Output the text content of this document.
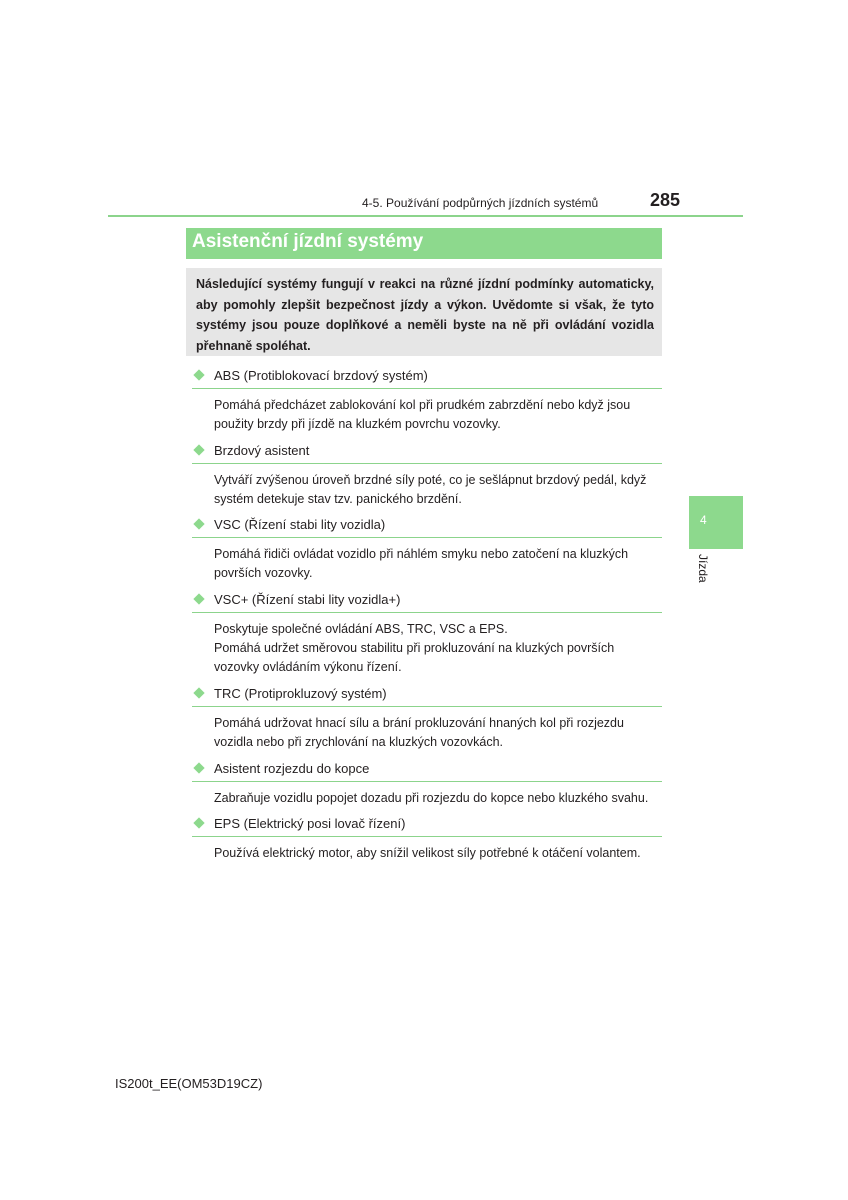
4-5. Používání podpůrných jízdních systémů	285
Asistenční jízdní systémy
Následující systémy fungují v reakci na různé jízdní podmínky automaticky, aby pomohly zlepšit bezpečnost jízdy a výkon. Uvědomte si však, že tyto systémy jsou pouze doplňkové a neměli byste na ně při ovládání vozidla přehnaně spoléhat.
ABS (Protiblokovací brzdový systém)

Pomáhá předcházet zablokování kol při prudkém zabrzdění nebo když jsou použity brzdy při jízdě na kluzkém povrchu vozovky.

Brzdový asistent

Vytváří zvýšenou úroveň brzdné síly poté, co je sešlápnut brzdový pedál, když systém detekuje stav tzv. panického brzdění.

VSC (Řízení stabi lity vozidla)

Pomáhá řidiči ovládat vozidlo při náhlém smyku nebo zatočení na kluzkých površích vozovky.

VSC+ (Řízení stabi lity vozidla+)

Poskytuje společné ovládání ABS, TRC, VSC a EPS.

Pomáhá udržet směrovou stabilitu při prokluzování na kluzkých površích vozovky ovládáním výkonu řízení.

TRC (Protiprokluzový systém)

Pomáhá udržovat hnací sílu a brání prokluzování hnaných kol při rozjezdu vozidla nebo při zrychlování na kluzkých vozovkách.

Asistent rozjezdu do kopce

Zabraňuje vozidlu popojet dozadu při rozjezdu do kopce nebo kluzkého svahu.

EPS (Elektrický posi lovač řízení)

Používá elektrický motor, aby snížil velikost síly potřebné k otáčení volantem.

4
Jízda
IS200t_EE(OM53D19CZ)
